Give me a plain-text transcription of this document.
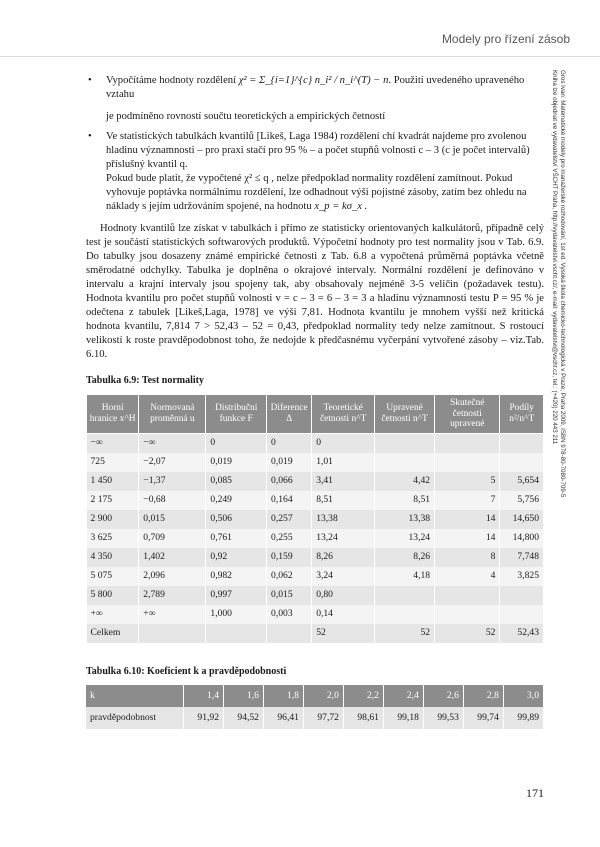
Modely pro řízení zásob
Gros Ivan: Matematické modely pro manažerské rozhodování, 1st ed. Vysoká škola chemicko-technologická v Praze, Praha 2009, ISBN 978-80-7080-709-5
Kniha lze objednat ve vydavatelství VŠCHT Praha, http://vydavatelstvi.vscht.cz/, e-mail: vydavatelstvi@vscht.cz, tel.: (+420) 220 443 211
• Vypočítáme hodnoty rozdělení χ² = Σ_{i=1}^{c} n_i² / n_i^(T) − n. Použití uvedeného upraveného vztahu
je podmíněno rovností součtu teoretických a empirických četností
• Ve statistických tabulkách kvantilů [Likeš, Laga 1984) rozdělení chí kvadrát najdeme pro zvolenou hladinu významnosti – pro praxi stačí pro 95 % – a počet stupňů volnosti c – 3 (c je počet intervalů) příslušný kvantil q.
Pokud bude platit, že vypočtené χ² ≤ q , nelze předpoklad normality rozdělení zamítnout. Pokud vyhovuje poptávka normálnímu rozdělení, lze odhadnout výši pojistné zásoby, zatím bez ohledu na náklady s jejím udržováním spojené, na hodnotu x_p = kσ_x .
Hodnoty kvantilů lze získat v tabulkách i přímo ze statisticky orientovaných kalkulátorů, případně celý test je součástí statistických softwarových produktů. Výpočetní hodnoty pro test normality jsou v Tab. 6.9. Do tabulky jsou dosazeny známé empirické četnosti z Tab. 6.8 a vypočtená průměrná poptávka včetně směrodatné odchylky. Tabulka je doplněna o okrajové intervaly. Normální rozdělení je definováno v intervalu a krajní intervaly jsou spojeny tak, aby obsahovaly nejméně 3-5 veličin (požadavek testu). Hodnota kvantilu pro počet stupňů volnosti v = c – 3 = 6 – 3 = 3 a hladinu významnosti testu P = 95 % je odečtena z tabulek [Likeš,Laga, 1978] ve výši 7,81. Hodnota kvantilu je mnohem vyšší než kritická hodnota kvantilu, 7,814 7 > 52,43 – 52 = 0,43, předpoklad normality tedy nelze zamítnout. S rostoucí velikostí k roste pravděpodobnost toho, že nedojde k předčasnému vyčerpání vytvořené zásoby – viz.Tab. 6.10.
Tabulka 6.9: Test normality
Horní hranice x^H	Normovaná proměnná u	Distribuční funkce F	Diference Δ	Teoretické četnosti n^T	Upravené četnosti n^T	Skutečné četnosti upravené	Podíly n²/n^T
−∞	−∞	0	0	0			
725	−2,07	0,019	0,019	1,01			
1 450	−1,37	0,085	0,066	3,41	4,42	5	5,654
2 175	−0,68	0,249	0,164	8,51	8,51	7	5,756
2 900	0,015	0,506	0,257	13,38	13,38	14	14,650
3 625	0,709	0,761	0,255	13,24	13,24	14	14,800
4 350	1,402	0,92	0,159	8,26	8,26	8	7,748
5 075	2,096	0,982	0,062	3,24	4,18	4	3,825
5 800	2,789	0,997	0,015	0,80			
+∞	+∞	1,000	0,003	0,14			
Celkem				52	52	52	52,43
Tabulka 6.10: Koeficient k a pravděpodobnosti
k	1,4	1,6	1,8	2,0	2,2	2,4	2,6	2,8	3,0
pravděpodobnost	91,92	94,52	96,41	97,72	98,61	99,18	99,53	99,74	99,89
171
